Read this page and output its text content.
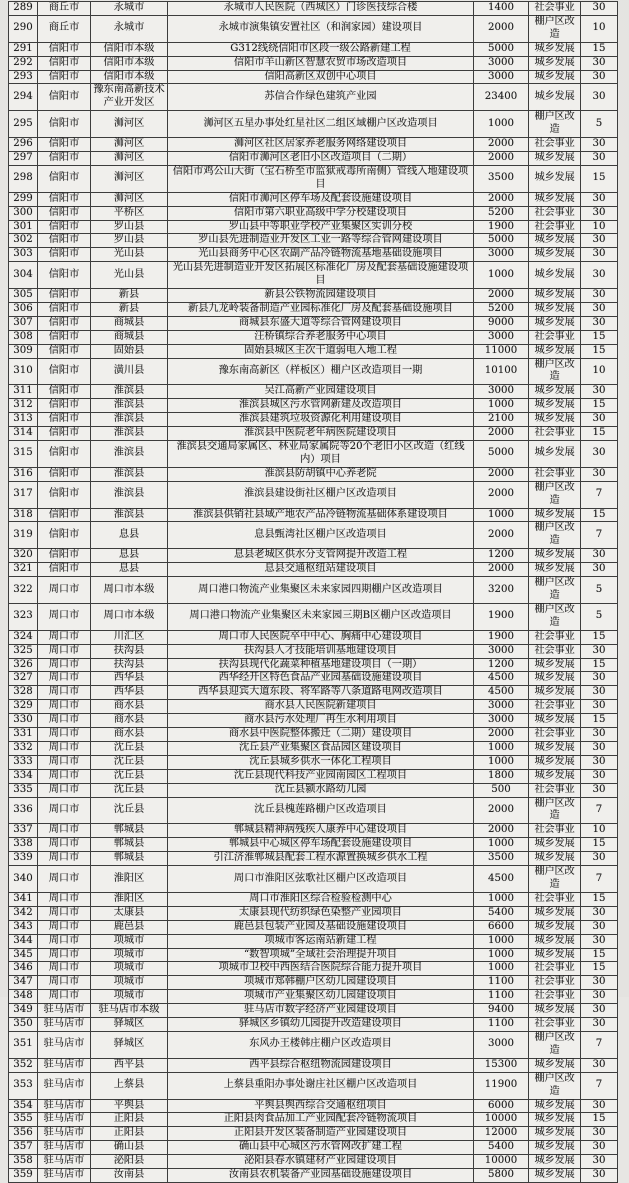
289	商丘市	永城市	永城市人民医院（西城区）门诊医技综合楼	1400	社会事业	30
290	商丘市	永城市	永城市演集镇安置社区（和润家园）建设项目	2000	棚户区改造	10
291	信阳市	信阳市本级	G312线绕信阳市区段一级公路新建工程	5000	城乡发展	15
292	信阳市	信阳市本级	信阳市羊山新区智慧农贸市场改造项目	3000	城乡发展	30
293	信阳市	信阳市本级	信阳高新区双创中心项目	3000	城乡发展	30
294	信阳市	豫东南高新技术产业开发区	苏信合作绿色建筑产业园	23400	城乡发展	30
295	信阳市	浉河区	浉河区五星办事处红星社区二组区域棚户区改造项目	1000	棚户区改造	5
296	信阳市	浉河区	浉河区社区居家养老服务网络建设项目	2000	社会事业	30
297	信阳市	浉河区	信阳市浉河区老旧小区改造项目（二期）	2000	城乡发展	30
298	信阳市	浉河区	信阳市鸡公山大街（宝石桥至市监狱戒毒所南侧）管线入地建设项目	3500	城乡发展	15
299	信阳市	浉河区	信阳市浉河区停车场及配套设施建设项目	2000	城乡发展	30
300	信阳市	平桥区	信阳市第六职业高级中学分校建设项目	5200	社会事业	30
301	信阳市	罗山县	罗山县中等职业学校产业集聚区实训分校	1900	社会事业	10
302	信阳市	罗山县	罗山县先进制造业开发区工业一路等综合管网建设项目	5000	城乡发展	30
303	信阳市	光山县	光山县商务中心区农副产品冷链物流基地基础设施项目	3000	城乡发展	30
304	信阳市	光山县	光山县先进制造业开发区拓展区标准化厂房及配套基础设施建设项目	1000	城乡发展	30
305	信阳市	新县	新县公铁物流园建设项目	2000	城乡发展	30
306	信阳市	新县	新县九龙岭装备制造产业园标准化厂房及配套基础设施项目	5200	城乡发展	30
307	信阳市	商城县	商城县东盛大道等综合管网建设项目	9000	城乡发展	30
308	信阳市	商城县	汪桥镇综合养老服务中心项目	3000	社会事业	15
309	信阳市	固始县	固始县城区主次干道弱电入地工程	11000	城乡发展	15
310	信阳市	潢川县	豫东南高新区（样板区）棚户区改造项目一期	10100	棚户区改造	10
311	信阳市	淮滨县	吴江高新产业园建设项目	3000	城乡发展	30
312	信阳市	淮滨县	淮滨县城区污水管网新建及改造项目	1000	城乡发展	15
313	信阳市	淮滨县	淮滨县建筑垃圾资源化利用建设项目	2100	城乡发展	30
314	信阳市	淮滨县	淮滨县中医院老年病医院建设项目	2000	社会事业	15
315	信阳市	淮滨县	淮滨县交通局家属区、林业局家属院等20个老旧小区改造（红线内）项目	5000	城乡发展	30
316	信阳市	淮滨县	淮滨县防胡镇中心养老院	2000	社会事业	30
317	信阳市	淮滨县	淮滨县建设街社区棚户区改造项目	2000	棚户区改造	7
318	信阳市	淮滨县	淮滨县供销社县域产地农产品冷链物流基础体系建设项目	1000	城乡发展	15
319	信阳市	息县	息县甄湾社区棚户区改造项目	2000	棚户区改造	7
320	信阳市	息县	息县老城区供水分支管网提升改造工程	1200	城乡发展	30
321	信阳市	息县	息县交通枢纽站建设项目	2000	城乡发展	30
322	周口市	周口市本级	周口港口物流产业集聚区未来家园四期棚户区改造项目	3200	棚户区改造	5
323	周口市	周口市本级	周口港口物流产业集聚区未来家园三期B区棚户区改造项目	1900	棚户区改造	5
324	周口市	川汇区	周口市人民医院卒中中心、胸痛中心建设项目	1900	社会事业	15
325	周口市	扶沟县	扶沟县人才技能培训基地建设项目	3000	社会事业	30
326	周口市	扶沟县	扶沟县现代化蔬菜种植基地建设项目（一期）	1200	城乡发展	15
327	周口市	西华县	西华经开区特色食品产业园基础设施建设项目	4500	城乡发展	30
328	周口市	西华县	西华县迎宾大道东段、将军路等八条道路电网改造项目	4500	城乡发展	30
329	周口市	商水县	商水县人民医院新建项目	3000	社会事业	30
330	周口市	商水县	商水县污水处理厂再生水利用项目	3000	城乡发展	15
331	周口市	商水县	商水县中医院整体搬迁（二期）建设项目	2000	社会事业	30
332	周口市	沈丘县	沈丘县产业集聚区食品园区建设项目	1000	城乡发展	30
333	周口市	沈丘县	沈丘县城乡供水一体化工程项目	1000	城乡发展	30
334	周口市	沈丘县	沈丘县现代科技产业园南园区工程项目	1800	城乡发展	30
335	周口市	沈丘县	沈丘县颍水路幼儿园	500	社会事业	30
336	周口市	沈丘县	沈丘县槐莲路棚户区改造项目	2000	棚户区改造	7
337	周口市	郸城县	郸城县精神病残疾人康养中心建设项目	2000	社会事业	10
338	周口市	郸城县	郸城县中心城区停车场配套设施建设项目	1000	城乡发展	15
339	周口市	郸城县	引江济淮郸城县配套工程水源置换城乡供水工程	3500	城乡发展	30
340	周口市	淮阳区	周口市淮阳区弦歌社区棚户区改造项目	4500	棚户区改造	7
341	周口市	淮阳区	周口市淮阳区综合检验检测中心	1000	社会事业	15
342	周口市	太康县	太康县现代纺织绿色染整产业园项目	5400	城乡发展	30
343	周口市	鹿邑县	鹿邑县包装产业园及基础设施建设项目	6600	城乡发展	30
344	周口市	项城市	项城市客运南站新建工程	1000	城乡发展	30
345	周口市	项城市	“数智项城”全域社会治理提升项目	1000	城乡发展	15
346	周口市	项城市	项城市卫校中西医结合医院综合能力提升项目	1000	社会事业	15
347	周口市	项城市	项城市郑韩棚户区幼儿园建设项目	1100	社会事业	30
348	周口市	项城市	项城市产业集聚区幼儿园建设项目	1100	社会事业	30
349	驻马店市	驻马店市本级	驻马店市数字经济产业园建设项目	9400	城乡发展	30
350	驻马店市	驿城区	驿城区乡镇幼儿园提升改造建设项目	1100	社会事业	30
351	驻马店市	驿城区	东风办王楼韩庄棚户区改造项目	3000	棚户区改造	7
352	驻马店市	西平县	西平县综合枢纽物流园建设项目	15300	城乡发展	30
353	驻马店市	上蔡县	上蔡县重阳办事处谢庄社区棚户区改造项目	11900	棚户区改造	7
354	驻马店市	平舆县	平舆县舆西综合交通枢纽项目	6000	城乡发展	30
355	驻马店市	正阳县	正阳县肉食品加工产业园配套冷链物流项目	10000	城乡发展	15
356	驻马店市	正阳县	正阳县开发区装备制造产业园建设项目	12000	城乡发展	30
357	驻马店市	确山县	确山县中心城区污水管网改扩建工程	5400	城乡发展	30
358	驻马店市	泌阳县	泌阳县春水镇建材产业园建设项目	10000	城乡发展	30
359	驻马店市	汝南县	汝南县农机装备产业园基础设施建设项目	5800	城乡发展	30
